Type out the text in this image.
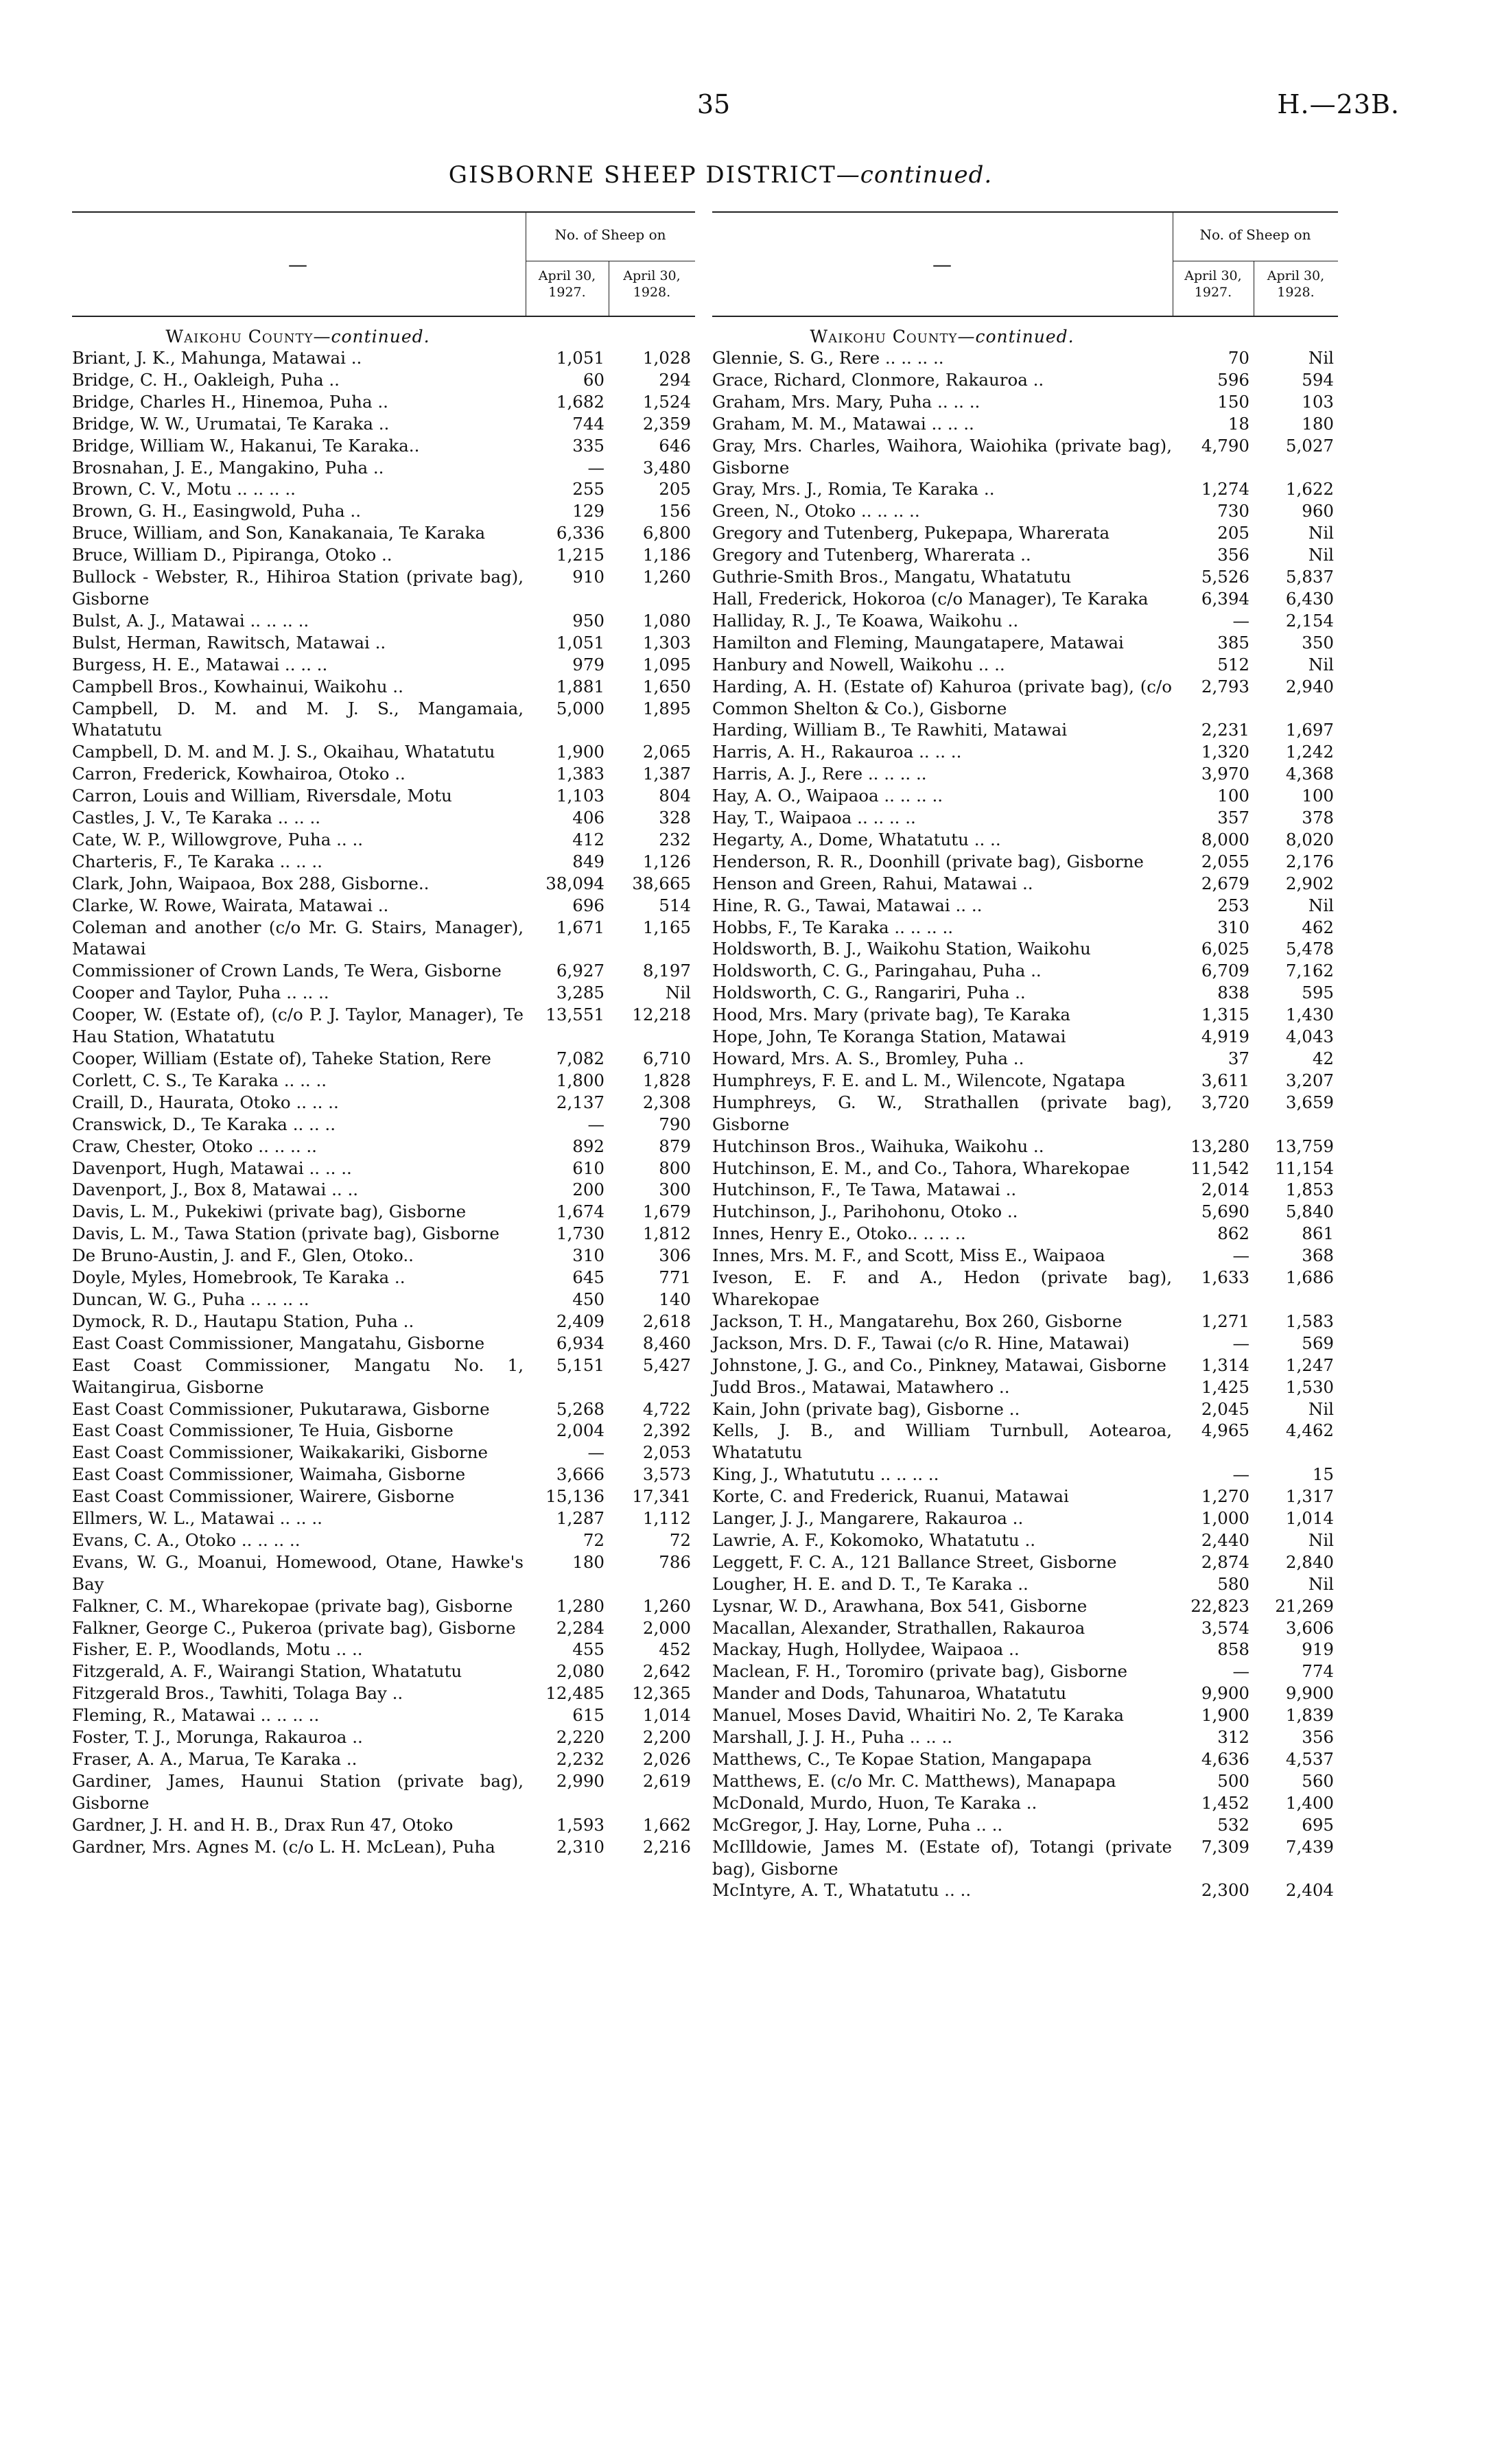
35	H.—23B.
GISBORNE SHEEP DISTRICT—continued.
—
No. of Sheep on
April 30, 1927.
April 30, 1928.
Waikohu County—continued.
Briant, J. K., Mahunga, Matawai ..	1,051	1,028
Bridge, C. H., Oakleigh, Puha ..	60	294
Bridge, Charles H., Hinemoa, Puha ..	1,682	1,524
Bridge, W. W., Urumatai, Te Karaka ..	744	2,359
Bridge, William W., Hakanui, Te Karaka..	335	646
Brosnahan, J. E., Mangakino, Puha ..	—	3,480
Brown, C. V., Motu .. .. .. ..	255	205
Brown, G. H., Easingwold, Puha ..	129	156
Bruce, William, and Son, Kanakanaia, Te Karaka	6,336	6,800
Bruce, William D., Pipiranga, Otoko ..	1,215	1,186
Bullock - Webster, R., Hihiroa Station (private bag), Gisborne
910	1,260
Bulst, A. J., Matawai .. .. .. ..	950	1,080
Bulst, Herman, Rawitsch, Matawai ..	1,051	1,303
Burgess, H. E., Matawai .. .. ..	979	1,095
Campbell Bros., Kowhainui, Waikohu ..	1,881	1,650
Campbell, D. M. and M. J. S., Mangamaia, Whatatutu
5,000	1,895
Campbell, D. M. and M. J. S., Okaihau, Whatatutu	1,900	2,065
Carron, Frederick, Kowhairoa, Otoko ..	1,383	1,387
Carron, Louis and William, Riversdale, Motu	1,103	804
Castles, J. V., Te Karaka .. .. ..	406	328
Cate, W. P., Willowgrove, Puha .. ..	412	232
Charteris, F., Te Karaka .. .. ..	849	1,126
Clark, John, Waipaoa, Box 288, Gisborne..	38,094	38,665
Clarke, W. Rowe, Wairata, Matawai ..	696	514
Coleman and another (c/o Mr. G. Stairs, Manager), Matawai
1,671	1,165
Commissioner of Crown Lands, Te Wera, Gisborne	6,927	8,197
Cooper and Taylor, Puha .. .. ..	3,285	Nil
Cooper, W. (Estate of), (c/o P. J. Taylor, Manager), Te Hau Station, Whatatutu
13,551	12,218
Cooper, William (Estate of), Taheke Station, Rere	7,082	6,710
Corlett, C. S., Te Karaka .. .. ..	1,800	1,828
Craill, D., Haurata, Otoko .. .. ..	2,137	2,308
Cranswick, D., Te Karaka .. .. ..	—	790
Craw, Chester, Otoko .. .. .. ..	892	879
Davenport, Hugh, Matawai .. .. ..	610	800
Davenport, J., Box 8, Matawai .. ..	200	300
Davis, L. M., Pukekiwi (private bag), Gisborne	1,674	1,679
Davis, L. M., Tawa Station (private bag), Gisborne	1,730	1,812
De Bruno-Austin, J. and F., Glen, Otoko..	310	306
Doyle, Myles, Homebrook, Te Karaka ..	645	771
Duncan, W. G., Puha .. .. .. ..	450	140
Dymock, R. D., Hautapu Station, Puha ..	2,409	2,618
East Coast Commissioner, Mangatahu, Gisborne	6,934	8,460
East Coast Commissioner, Mangatu No. 1, Waitangirua, Gisborne
5,151	5,427
East Coast Commissioner, Pukutarawa, Gisborne	5,268	4,722
East Coast Commissioner, Te Huia, Gisborne	2,004	2,392
East Coast Commissioner, Waikakariki, Gisborne	—	2,053
East Coast Commissioner, Waimaha, Gisborne	3,666	3,573
East Coast Commissioner, Wairere, Gisborne	15,136	17,341
Ellmers, W. L., Matawai .. .. ..	1,287	1,112
Evans, C. A., Otoko .. .. .. ..	72	72
Evans, W. G., Moanui, Homewood, Otane, Hawke's Bay
180	786
Falkner, C. M., Wharekopae (private bag), Gisborne	1,280	1,260
Falkner, George C., Pukeroa (private bag), Gisborne	2,284	2,000
Fisher, E. P., Woodlands, Motu .. ..	455	452
Fitzgerald, A. F., Wairangi Station, Whatatutu	2,080	2,642
Fitzgerald Bros., Tawhiti, Tolaga Bay ..	12,485	12,365
Fleming, R., Matawai .. .. .. ..	615	1,014
Foster, T. J., Morunga, Rakauroa ..	2,220	2,200
Fraser, A. A., Marua, Te Karaka ..	2,232	2,026
Gardiner, James, Haunui Station (private bag), Gisborne
2,990	2,619
Gardner, J. H. and H. B., Drax Run 47, Otoko	1,593	1,662
Gardner, Mrs. Agnes M. (c/o L. H. McLean), Puha	2,310	2,216
—
No. of Sheep on
April 30, 1927.
April 30, 1928.
Waikohu County—continued.
Glennie, S. G., Rere .. .. .. ..	70	Nil
Grace, Richard, Clonmore, Rakauroa ..	596	594
Graham, Mrs. Mary, Puha .. .. ..	150	103
Graham, M. M., Matawai .. .. ..	18	180
Gray, Mrs. Charles, Waihora, Waiohika (private bag), Gisborne
4,790	5,027
Gray, Mrs. J., Romia, Te Karaka ..	1,274	1,622
Green, N., Otoko .. .. .. ..	730	960
Gregory and Tutenberg, Pukepapa, Wharerata	205	Nil
Gregory and Tutenberg, Wharerata ..	356	Nil
Guthrie-Smith Bros., Mangatu, Whatatutu	5,526	5,837
Hall, Frederick, Hokoroa (c/o Manager), Te Karaka	6,394	6,430
Halliday, R. J., Te Koawa, Waikohu ..	—	2,154
Hamilton and Fleming, Maungatapere, Matawai	385	350
Hanbury and Nowell, Waikohu .. ..	512	Nil
Harding, A. H. (Estate of) Kahuroa (private bag), (c/o Common Shelton & Co.), Gisborne
2,793	2,940
Harding, William B., Te Rawhiti, Matawai	2,231	1,697
Harris, A. H., Rakauroa .. .. ..	1,320	1,242
Harris, A. J., Rere .. .. .. ..	3,970	4,368
Hay, A. O., Waipaoa .. .. .. ..	100	100
Hay, T., Waipaoa .. .. .. ..	357	378
Hegarty, A., Dome, Whatatutu .. ..	8,000	8,020
Henderson, R. R., Doonhill (private bag), Gisborne	2,055	2,176
Henson and Green, Rahui, Matawai ..	2,679	2,902
Hine, R. G., Tawai, Matawai .. ..	253	Nil
Hobbs, F., Te Karaka .. .. .. ..	310	462
Holdsworth, B. J., Waikohu Station, Waikohu	6,025	5,478
Holdsworth, C. G., Paringahau, Puha ..	6,709	7,162
Holdsworth, C. G., Rangariri, Puha ..	838	595
Hood, Mrs. Mary (private bag), Te Karaka	1,315	1,430
Hope, John, Te Koranga Station, Matawai	4,919	4,043
Howard, Mrs. A. S., Bromley, Puha ..	37	42
Humphreys, F. E. and L. M., Wilencote, Ngatapa	3,611	3,207
Humphreys, G. W., Strathallen (private bag), Gisborne
3,720	3,659
Hutchinson Bros., Waihuka, Waikohu ..	13,280	13,759
Hutchinson, E. M., and Co., Tahora, Wharekopae	11,542	11,154
Hutchinson, F., Te Tawa, Matawai ..	2,014	1,853
Hutchinson, J., Parihohonu, Otoko ..	5,690	5,840
Innes, Henry E., Otoko.. .. .. ..	862	861
Innes, Mrs. M. F., and Scott, Miss E., Waipaoa	—	368
Iveson, E. F. and A., Hedon (private bag), Wharekopae
1,633	1,686
Jackson, T. H., Mangatarehu, Box 260, Gisborne	1,271	1,583
Jackson, Mrs. D. F., Tawai (c/o R. Hine, Matawai)	—	569
Johnstone, J. G., and Co., Pinkney, Matawai, Gisborne	1,314	1,247
Judd Bros., Matawai, Matawhero ..	1,425	1,530
Kain, John (private bag), Gisborne ..	2,045	Nil
Kells, J. B., and William Turnbull, Aotearoa, Whatatutu
4,965	4,462
King, J., Whatututu .. .. .. ..	—	15
Korte, C. and Frederick, Ruanui, Matawai	1,270	1,317
Langer, J. J., Mangarere, Rakauroa ..	1,000	1,014
Lawrie, A. F., Kokomoko, Whatatutu ..	2,440	Nil
Leggett, F. C. A., 121 Ballance Street, Gisborne	2,874	2,840
Lougher, H. E. and D. T., Te Karaka ..	580	Nil
Lysnar, W. D., Arawhana, Box 541, Gisborne	22,823	21,269
Macallan, Alexander, Strathallen, Rakauroa	3,574	3,606
Mackay, Hugh, Hollydee, Waipaoa ..	858	919
Maclean, F. H., Toromiro (private bag), Gisborne	—	774
Mander and Dods, Tahunaroa, Whatatutu	9,900	9,900
Manuel, Moses David, Whaitiri No. 2, Te Karaka	1,900	1,839
Marshall, J. J. H., Puha .. .. ..	312	356
Matthews, C., Te Kopae Station, Mangapapa	4,636	4,537
Matthews, E. (c/o Mr. C. Matthews), Manapapa	500	560
McDonald, Murdo, Huon, Te Karaka ..	1,452	1,400
McGregor, J. Hay, Lorne, Puha .. ..	532	695
McIlldowie, James M. (Estate of), Totangi (private bag), Gisborne
7,309	7,439
McIntyre, A. T., Whatatutu .. ..	2,300	2,404
